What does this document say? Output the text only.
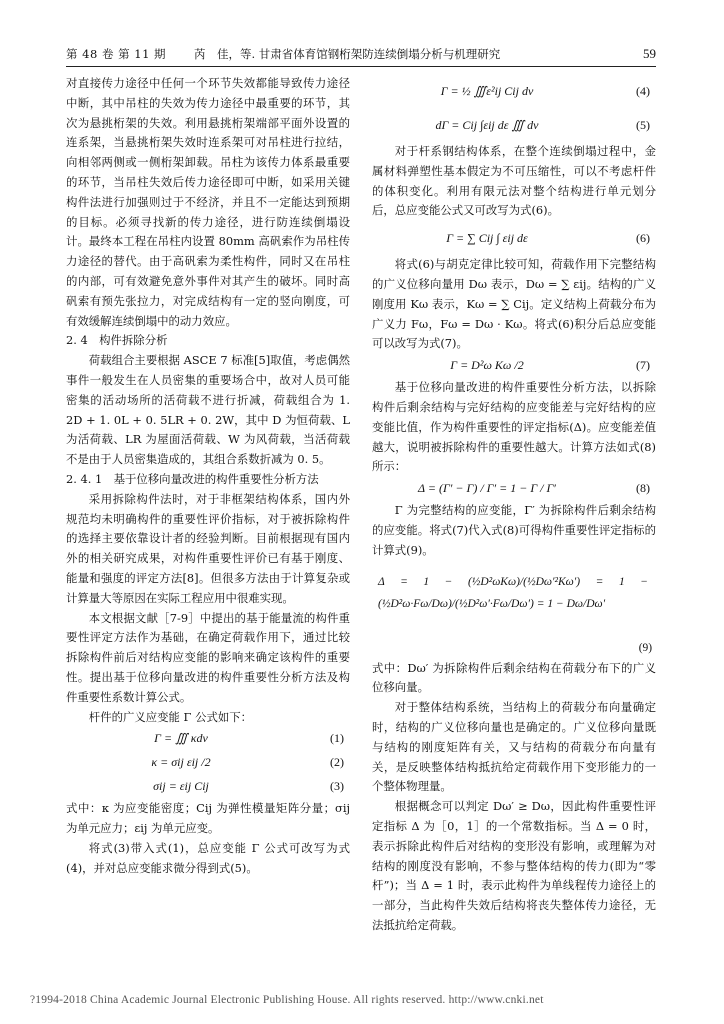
第 48 卷 第 11 期 芮　佳，等. 甘肃省体育馆钢桁架防连续倒塌分析与机理研究	59

对直接传力途径中任何一个环节失效都能导致传力途径中断，其中吊柱的失效为传力途径中最重要的环节，其次为悬挑桁架的失效。利用悬挑桁架端部平面外设置的连系架，当悬挑桁架失效时连系架可对吊柱进行拉结，向相邻两侧或一侧桁架卸载。吊柱为该传力体系最重要的环节，当吊柱失效后传力途径即可中断，如采用关键构件法进行加强则过于不经济，并且不一定能达到预期的目标。必须寻找新的传力途径，进行防连续倒塌设计。最终本工程在吊柱内设置 80mm 高矾索作为吊柱传力途径的替代。由于高矾索为柔性构件，同时又在吊柱的内部，可有效避免意外事件对其产生的破坏。同时高矾索有预先张拉力，对完成结构有一定的竖向刚度，可有效缓解连续倒塌中的动力效应。

2. 4　构件拆除分析

荷载组合主要根据 ASCE 7 标准[5]取值，考虑偶然事件一般发生在人员密集的重要场合中，故对人员可能密集的活动场所的活荷载不进行折减，荷载组合为 1. 2D + 1. 0L + 0. 5LR + 0. 2W，其中 D 为恒荷载、L 为活荷载、LR 为屋面活荷载、W 为风荷载，当活荷载不是由于人员密集造成的，其组合系数折减为 0. 5。

2. 4. 1　基于位移向量改进的构件重要性分析方法

采用拆除构件法时，对于非框架结构体系，国内外规范均未明确构件的重要性评价指标，对于被拆除构件的选择主要依靠设计者的经验判断。目前根据现有国内外的相关研究成果，对构件重要性评价已有基于刚度、能量和强度的评定方法[8]。但很多方法由于计算复杂或计算量大等原因在实际工程应用中很难实现。

本文根据文献［7-9］中提出的基于能量流的构件重要性评定方法作为基础，在确定荷载作用下，通过比较拆除构件前后对结构应变能的影响来确定该构件的重要性。提出基于位移向量改进的构件重要性分析方法及构件重要性系数计算公式。

杆件的广义应变能 Γ 公式如下：

Γ = ∭ κdv	(1)
κ = σij εij /2	(2)
σij = εij Cij	(3)

式中：κ 为应变能密度；Cij 为弹性模量矩阵分量；σij 为单元应力；εij 为单元应变。

将式(3)带入式(1)，总应变能 Γ 公式可改写为式(4)，并对总应变能求微分得到式(5)。

Γ = ½ ∭ε²ij Cij dv	(4)
dΓ = Cij ∫εij dε ∭ dv	(5)

对于杆系钢结构体系，在整个连续倒塌过程中，金属材料弹塑性基本假定为不可压缩性，可以不考虑杆件的体积变化。利用有限元法对整个结构进行单元划分后，总应变能公式又可改写为式(6)。

Γ = ∑ Cij ∫ εij dε	(6)

将式(6)与胡克定律比较可知，荷载作用下完整结构的广义位移向量用 Dω 表示，Dω = ∑ εij。结构的广义刚度用 Kω 表示，Kω = ∑ Cij。定义结构上荷载分布为广义力 Fω，Fω = Dω · Kω。将式(6)积分后总应变能可以改写为式(7)。

Γ = D²ω Kω /2	(7)

基于位移向量改进的构件重要性分析方法，以拆除构件后剩余结构与完好结构的应变能差与完好结构的应变能比值，作为构件重要性的评定指标(Δ)。应变能差值越大，说明被拆除构件的重要性越大。计算方法如式(8)所示：

Δ = (Γ′ − Γ) / Γ′ = 1 − Γ / Γ′	(8)

Γ 为完整结构的应变能，Γ′ 为拆除构件后剩余结构的应变能。将式(7)代入式(8)可得构件重要性评定指标的计算式(9)。

Δ = 1 − (½D²ωKω)/(½Dω′²Kω′) = 1 − (½D²ω·Fω/Dω)/(½D²ω′·Fω/Dω′) = 1 − Dω/Dω′
(9)

式中：Dω′ 为拆除构件后剩余结构在荷载分布下的广义位移向量。

对于整体结构系统，当结构上的荷载分布向量确定时，结构的广义位移向量也是确定的。广义位移向量既与结构的刚度矩阵有关，又与结构的荷载分布向量有关，是反映整体结构抵抗给定荷载作用下变形能力的一个整体物理量。

根据概念可以判定 Dω′ ≥ Dω，因此构件重要性评定指标 Δ 为［0，1］的一个常数指标。当 Δ = 0 时，表示拆除此构件后对结构的变形没有影响，或理解为对结构的刚度没有影响，不参与整体结构的传力(即为“零杆”)；当 Δ = 1 时，表示此构件为单线程传力途径上的一部分，当此构件失效后结构将丧失整体传力途径，无法抵抗给定荷载。

?1994-2018 China Academic Journal Electronic Publishing House. All rights reserved. http://www.cnki.net
